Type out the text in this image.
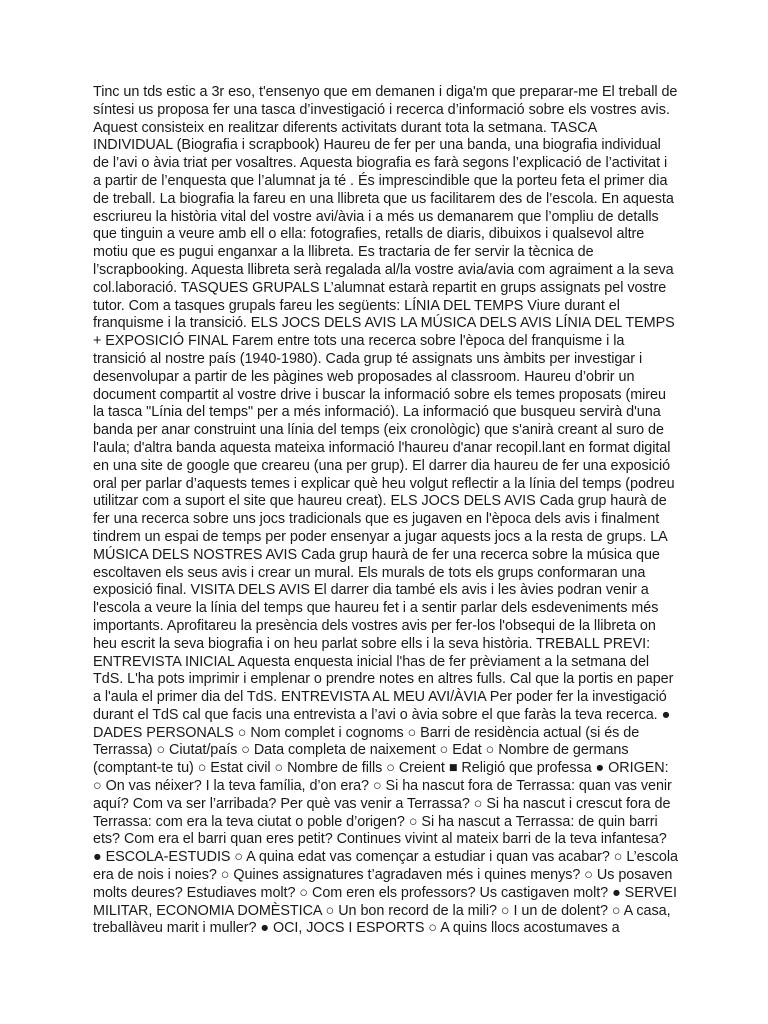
Tinc un tds estic a 3r eso, t'ensenyo que em demanen i diga'm que preparar-me El treball de síntesi us proposa fer una tasca d’investigació i recerca d’informació sobre els vostres avis. Aquest consisteix en realitzar diferents activitats durant tota la setmana. TASCA INDIVIDUAL (Biografia i scrapbook) Haureu de fer per una banda, una biografia individual de l’avi o àvia triat per vosaltres. Aquesta biografia es farà segons l’explicació de l’activitat i a partir de l’enquesta que l’alumnat ja té . És imprescindible que la porteu feta el primer dia de treball. La biografia la fareu en una llibreta que us facilitarem des de l’escola. En aquesta escriureu la història vital del vostre avi/àvia i a més us demanarem que l’ompliu de detalls que tinguin a veure amb ell o ella: fotografies, retalls de diaris, dibuixos i qualsevol altre motiu que es pugui enganxar a la llibreta. Es tractaria de fer servir la tècnica de l’scrapbooking. Aquesta llibreta serà regalada al/la vostre avia/avia com agraiment a la seva col.laboració. TASQUES GRUPALS L’alumnat estarà repartit en grups assignats pel vostre tutor. Com a tasques grupals fareu les següents: LÍNIA DEL TEMPS Viure durant el franquisme i la transició. ELS JOCS DELS AVIS LA MÚSICA DELS AVIS LÍNIA DEL TEMPS + EXPOSICIÓ FINAL Farem entre tots una recerca sobre l'època del franquisme i la transició al nostre país (1940-1980). Cada grup té assignats uns àmbits per investigar i desenvolupar a partir de les pàgines web proposades al classroom. Haureu d’obrir un document compartit al vostre drive i buscar la informació sobre els temes proposats (mireu la tasca "Línia del temps" per a més informació). La informació que busqueu servirà d'una banda per anar construint una línia del temps (eix cronològic) que s'anirà creant al suro de l'aula; d'altra banda aquesta mateixa informació l'haureu d'anar recopil.lant en format digital en una site de google que creareu (una per grup). El darrer dia haureu de fer una exposició oral per parlar d’aquests temes i explicar què heu volgut reflectir a la línia del temps (podreu utilitzar com a suport el site que haureu creat). ELS JOCS DELS AVIS Cada grup haurà de fer una recerca sobre uns jocs tradicionals que es jugaven en l'època dels avis i finalment tindrem un espai de temps per poder ensenyar a jugar aquests jocs a la resta de grups. LA MÚSICA DELS NOSTRES AVIS Cada grup haurà de fer una recerca sobre la música que escoltaven els seus avis i crear un mural. Els murals de tots els grups conformaran una exposició final. VISITA DELS AVIS El darrer dia també els avis i les àvies podran venir a l'escola a veure la línia del temps que haureu fet i a sentir parlar dels esdeveniments més importants. Aprofitareu la presència dels vostres avis per fer-los l'obsequi de la llibreta on heu escrit la seva biografia i on heu parlat sobre ells i la seva història. TREBALL PREVI: ENTREVISTA INICIAL Aquesta enquesta inicial l'has de fer prèviament a la setmana del TdS. L'ha pots imprimir i emplenar o prendre notes en altres fulls. Cal que la portis en paper a l'aula el primer dia del TdS. ENTREVISTA AL MEU AVI/ÀVIA Per poder fer la investigació durant el TdS cal que facis una entrevista a l’avi o àvia sobre el que faràs la teva recerca. ● DADES PERSONALS ○ Nom complet i cognoms ○ Barri de residència actual (si és de Terrassa) ○ Ciutat/país ○ Data completa de naixement ○ Edat ○ Nombre de germans (comptant-te tu) ○ Estat civil ○ Nombre de fills ○ Creient ■ Religió que professa ● ORIGEN: ○ On vas néixer? I la teva família, d’on era? ○ Si ha nascut fora de Terrassa: quan vas venir aquí? Com va ser l’arribada? Per què vas venir a Terrassa? ○ Si ha nascut i crescut fora de Terrassa: com era la teva ciutat o poble d’origen? ○ Si ha nascut a Terrassa: de quin barri ets? Com era el barri quan eres petit? Continues vivint al mateix barri de la teva infantesa? ● ESCOLA-ESTUDIS ○ A quina edat vas començar a estudiar i quan vas acabar? ○ L’escola era de nois i noies? ○ Quines assignatures t’agradaven més i quines menys? ○ Us posaven molts deures? Estudiaves molt? ○ Com eren els professors? Us castigaven molt? ● SERVEI MILITAR, ECONOMIA DOMÈSTICA ○ Un bon record de la mili? ○ I un de dolent? ○ A casa, treballàveu marit i muller? ● OCI, JOCS I ESPORTS ○ A quins llocs acostumaves a
